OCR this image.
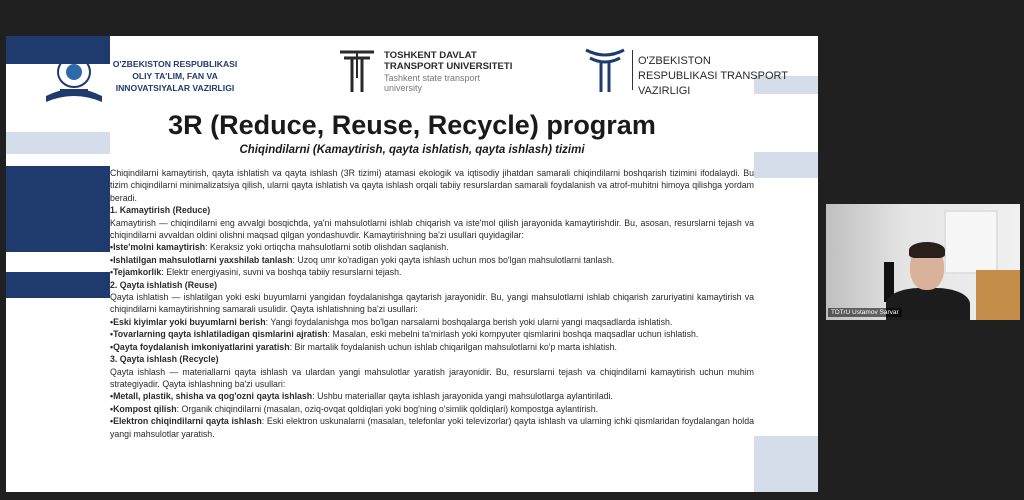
O'ZBEKISTON RESPUBLIKASI OLIY TA'LIM, FAN VA INNOVATSIYALAR VAZIRLIGI
TOSHKENT DAVLAT TRANSPORT UNIVERSITETI
Tashkent state transport university
O'ZBEKISTON RESPUBLIKASI TRANSPORT VAZIRLIGI
3R (Reduce, Reuse, Recycle) program
Chiqindilarni (Kamaytirish, qayta ishlatish, qayta ishlash) tizimi

Chiqindilarni kamaytirish, qayta ishlatish va qayta ishlash (3R tizimi) atamasi ekologik va iqtisodiy jihatdan samarali chiqindilarni boshqarish tizimini ifodalaydi. Bu tizim chiqindilarni minimalizatsiya qilish, ularni qayta ishlatish va qayta ishlash orqali tabiiy resurslardan samarali foydalanish va atrof-muhitni himoya qilishga yordam beradi.

1. Kamaytirish (Reduce)

Kamaytirish — chiqindilarni eng avvalgi bosqichda, ya'ni mahsulotlarni ishlab chiqarish va iste'mol qilish jarayonida kamaytirishdir. Bu, asosan, resurslarni tejash va chiqindilarni avvaldan oldini olishni maqsad qilgan yondashuvdir. Kamaytirishning ba'zi usullari quyidagilar:

•Iste'molni kamaytirish: Keraksiz yoki ortiqcha mahsulotlarni sotib olishdan saqlanish.

•Ishlatilgan mahsulotlarni yaxshilab tanlash: Uzoq umr ko'radigan yoki qayta ishlash uchun mos bo'lgan mahsulotlarni tanlash.

•Tejamkorlik: Elektr energiyasini, suvni va boshqa tabiiy resurslarni tejash.

2. Qayta ishlatish (Reuse)

Qayta ishlatish — ishlatilgan yoki eski buyumlarni yangidan foydalanishga qaytarish jarayonidir. Bu, yangi mahsulotlarni ishlab chiqarish zaruriyatini kamaytirish va chiqindilarni kamaytirishning samarali usulidir. Qayta ishlatishning ba'zi usullari:

•Eski kiyimlar yoki buyumlarni berish: Yangi foydalanishga mos bo'lgan narsalarni boshqalarga berish yoki ularni yangi maqsadlarda ishlatish.

•Tovarlarning qayta ishlatiladigan qismlarini ajratish: Masalan, eski mebelni ta'mirlash yoki kompyuter qismlarini boshqa maqsadlar uchun ishlatish.

•Qayta foydalanish imkoniyatlarini yaratish: Bir martalik foydalanish uchun ishlab chiqarilgan mahsulotlarni ko'p marta ishlatish.

3. Qayta ishlash (Recycle)

Qayta ishlash — materiallarni qayta ishlash va ulardan yangi mahsulotlar yaratish jarayonidir. Bu, resurslarni tejash va chiqindilarni kamaytirish uchun muhim strategiyadir. Qayta ishlashning ba'zi usullari:

•Metall, plastik, shisha va qog'ozni qayta ishlash: Ushbu materiallar qayta ishlash jarayonida yangi mahsulotlarga aylantiriladi.

•Kompost qilish: Organik chiqindilarni (masalan, oziq-ovqat qoldiqlari yoki bog'ning o'simlik qoldiqlari) kompostga aylantirish.

•Elektron chiqindilarni qayta ishlash: Eski elektron uskunalarni (masalan, telefonlar yoki televizorlar) qayta ishlash va ularning ichki qismlaridan foydalangan holda yangi mahsulotlar yaratish.

TDTrU Ustamov Sarvar
